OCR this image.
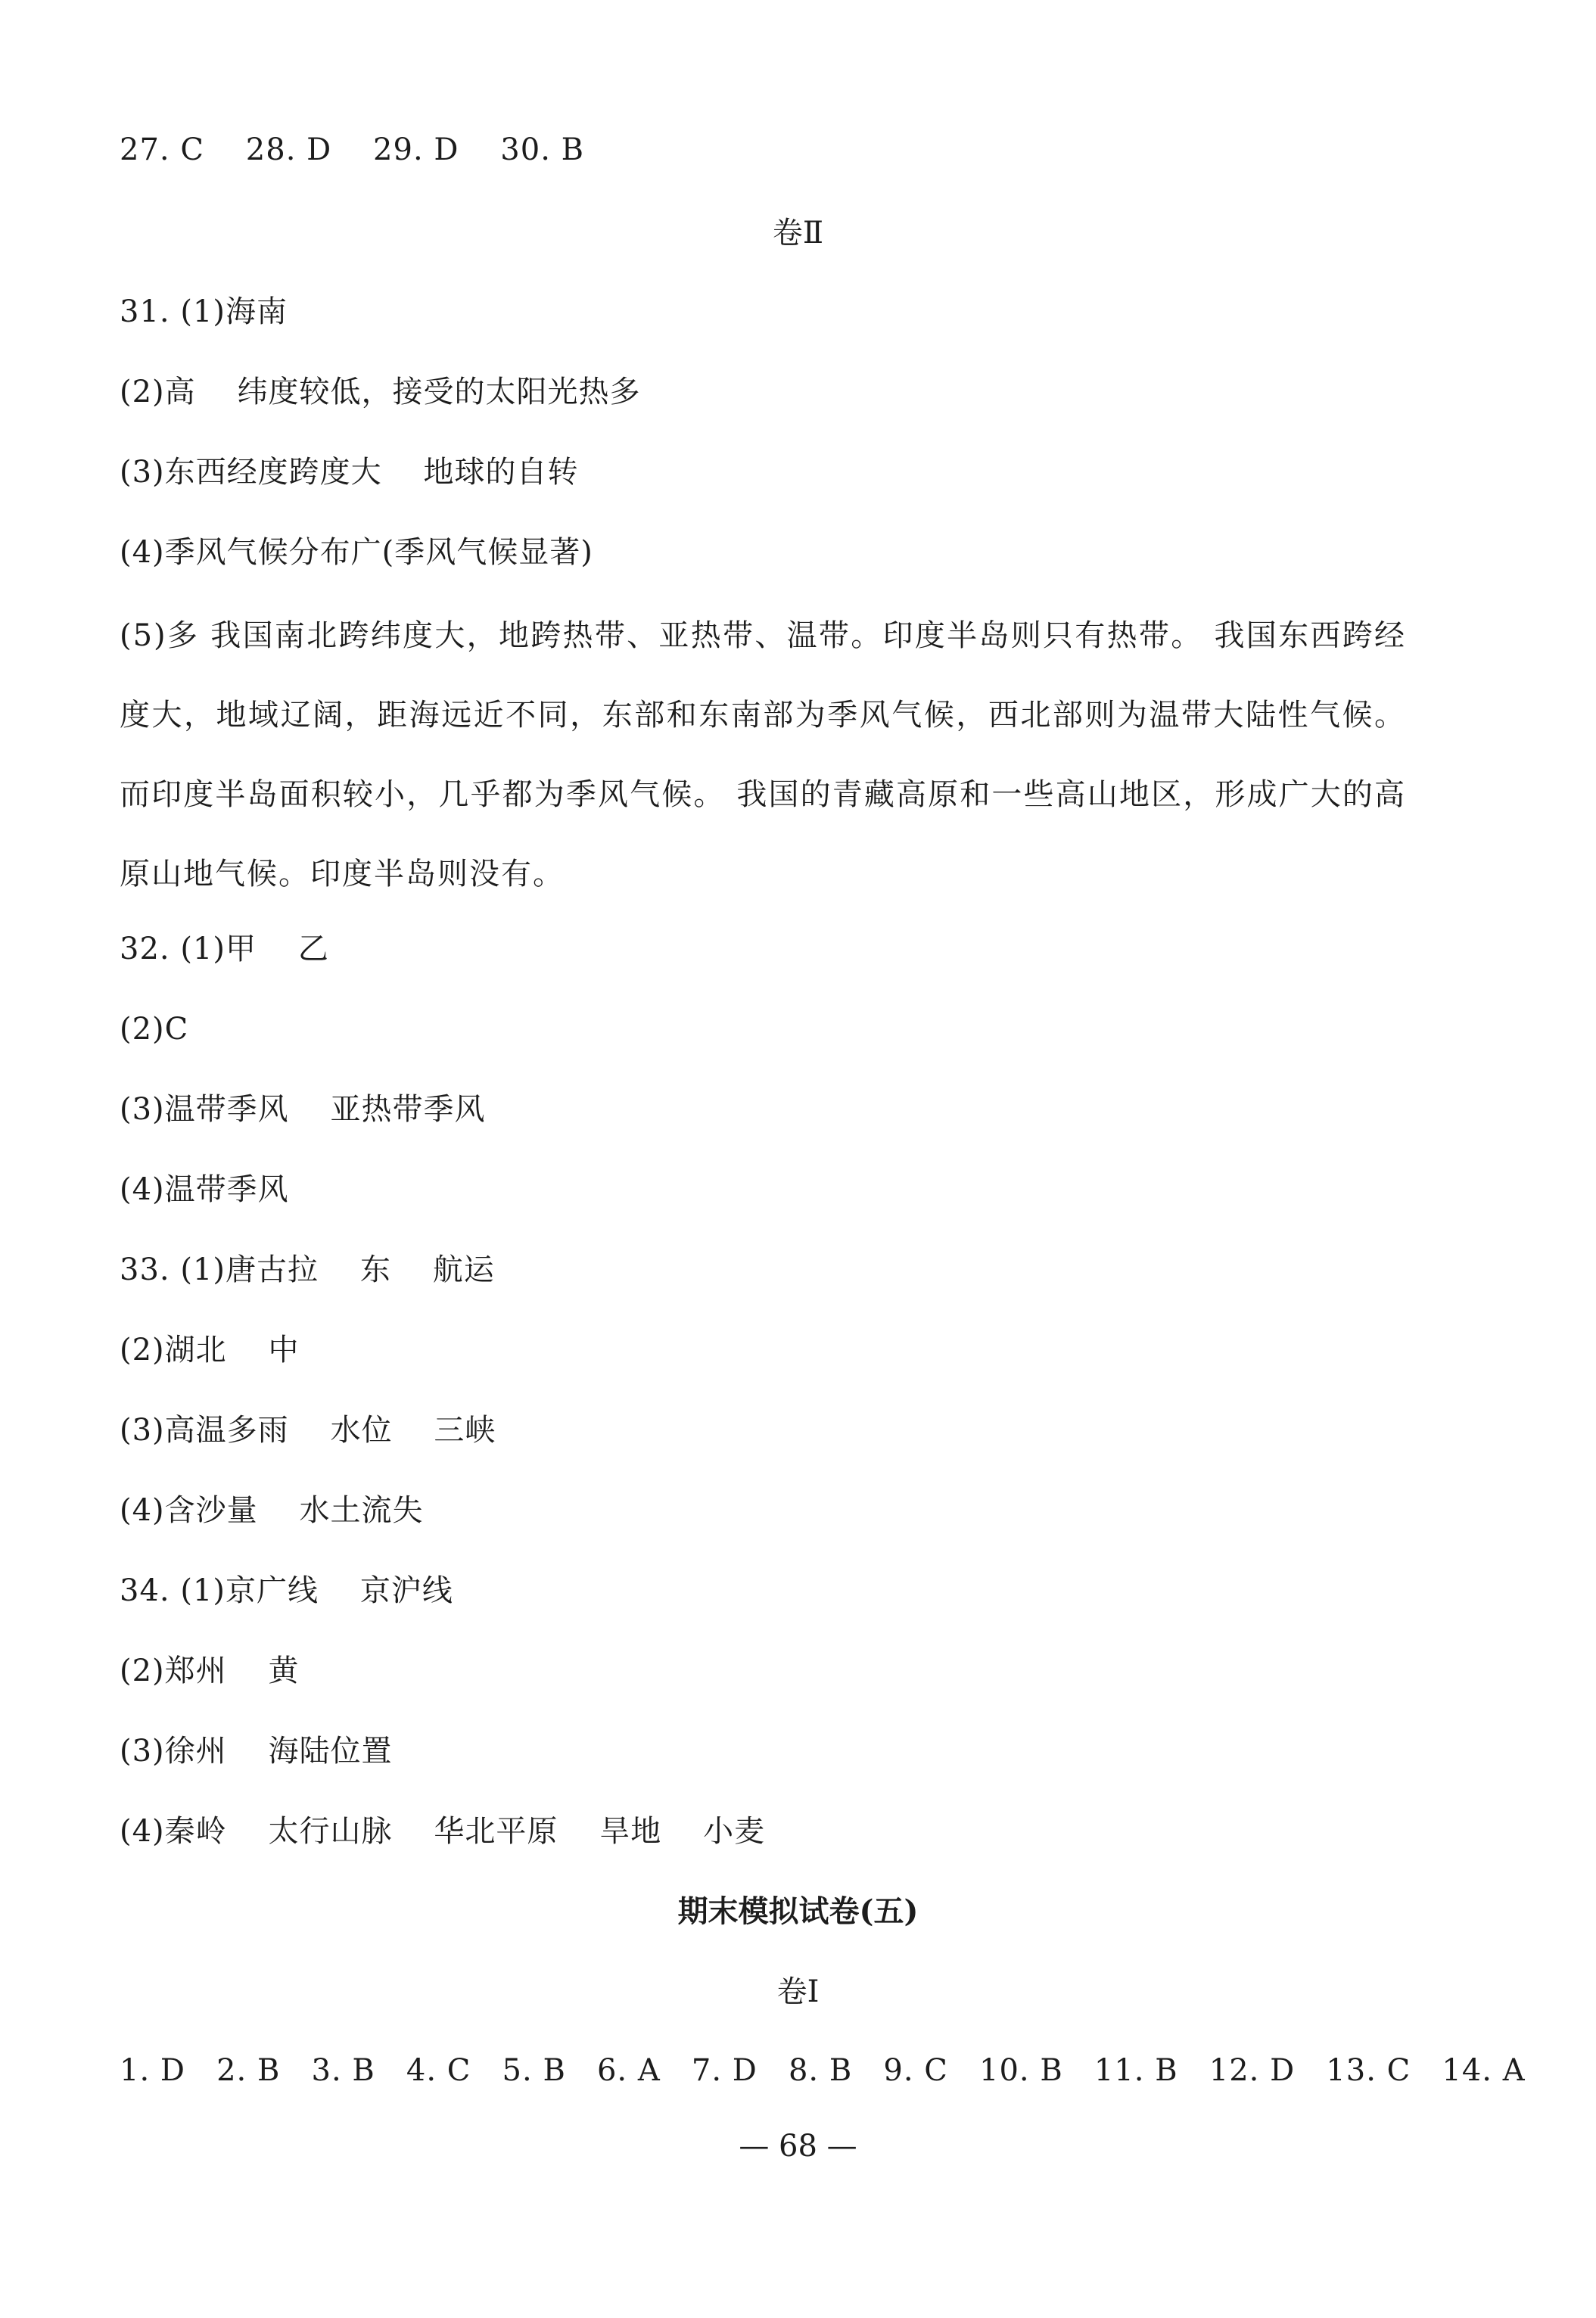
27. C    28. D    29. D    30. B
卷Ⅱ
31. (1)海南
(2)高    纬度较低，接受的太阳光热多
(3)东西经度跨度大    地球的自转
(4)季风气候分布广(季风气候显著)
(5)多 我国南北跨纬度大，地跨热带、亚热带、温带。印度半岛则只有热带。 我国东西跨经度大，地域辽阔，距海远近不同，东部和东南部为季风气候，西北部则为温带大陆性气候。而印度半岛面积较小，几乎都为季风气候。 我国的青藏高原和一些高山地区，形成广大的高原山地气候。印度半岛则没有。
32. (1)甲    乙
(2)C
(3)温带季风    亚热带季风
(4)温带季风
33. (1)唐古拉    东    航运
(2)湖北    中
(3)高温多雨    水位    三峡
(4)含沙量    水土流失
34. (1)京广线    京沪线
(2)郑州    黄
(3)徐州    海陆位置
(4)秦岭    太行山脉    华北平原    旱地    小麦
期末模拟试卷(五)
卷Ⅰ
1. D   2. B   3. B   4. C   5. B   6. A   7. D   8. B   9. C   10. B   11. B   12. D   13. C   14. A
— 68 —
